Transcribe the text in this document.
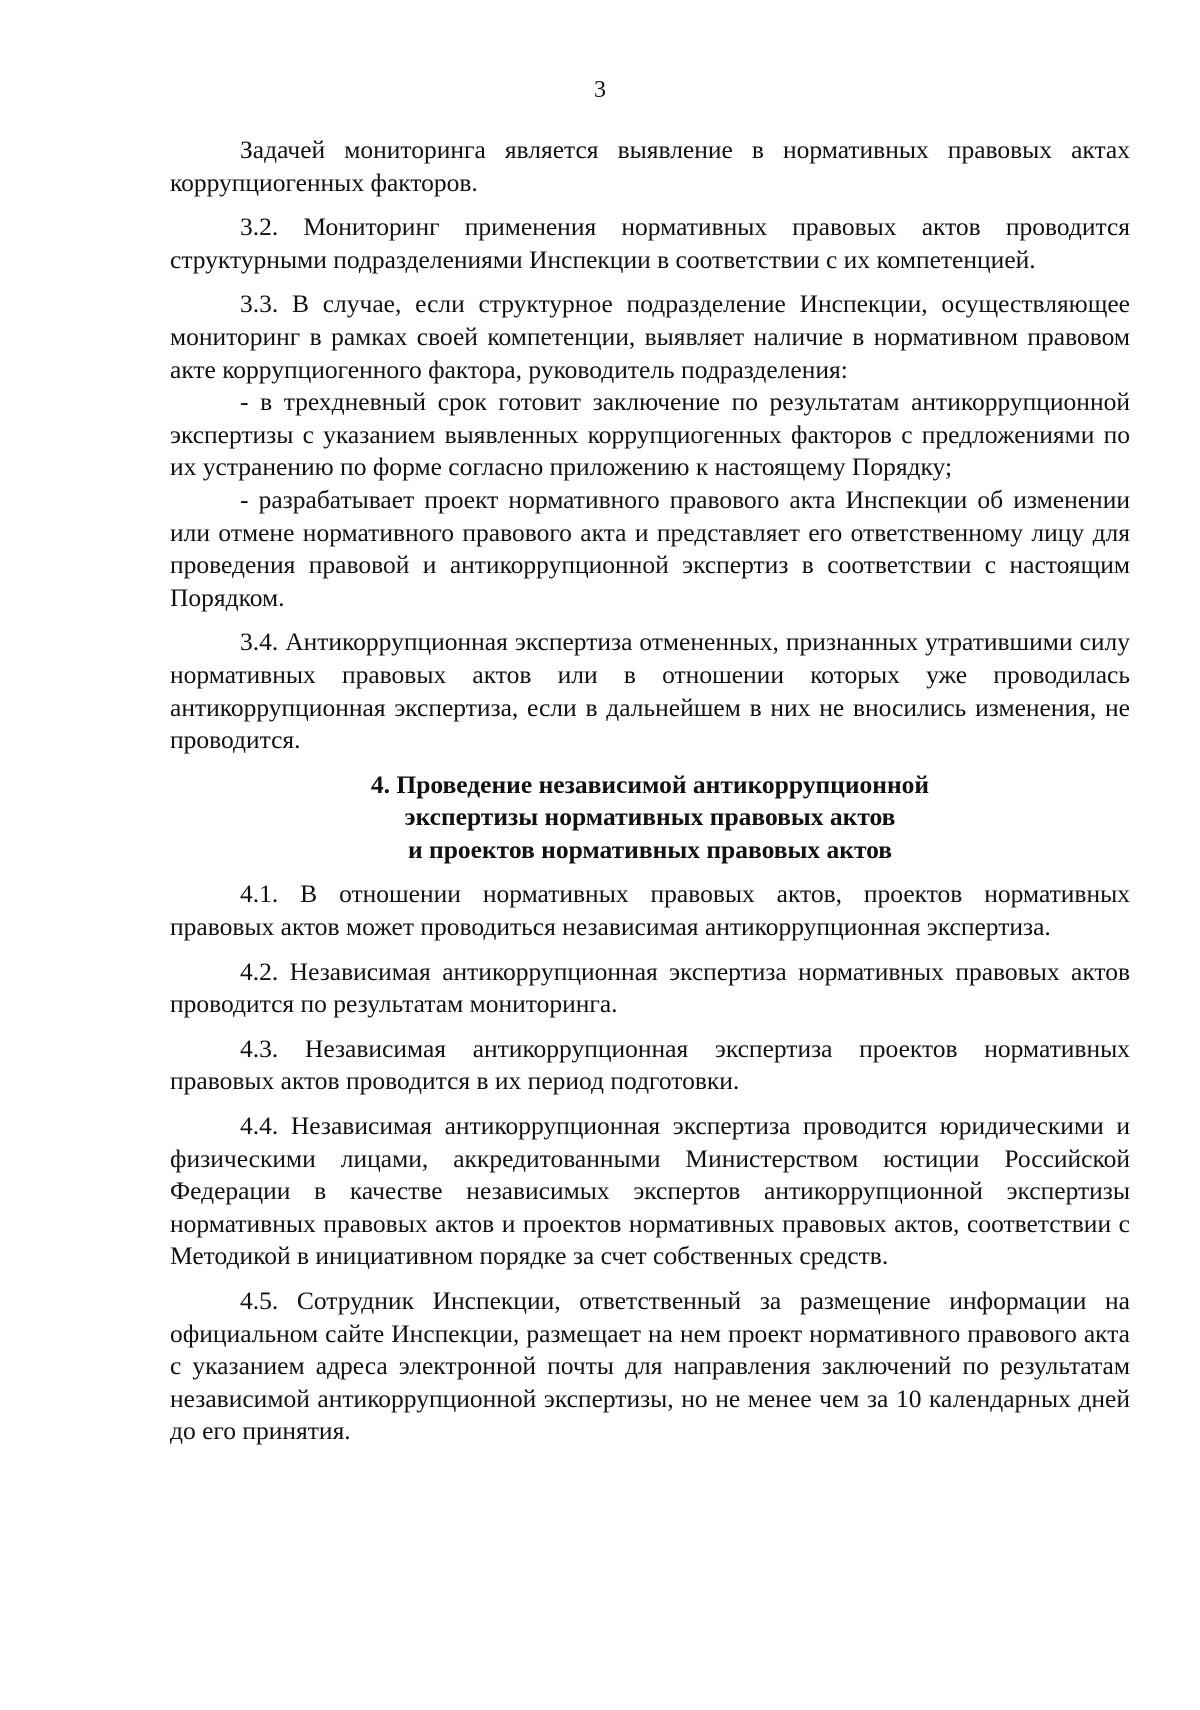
3

Задачей мониторинга является выявление в нормативных правовых актах коррупциогенных факторов.

3.2. Мониторинг применения нормативных правовых актов проводится структурными подразделениями Инспекции в соответствии с их компетенцией.

3.3. В случае, если структурное подразделение Инспекции, осуществляющее мониторинг в рамках своей компетенции, выявляет наличие в нормативном правовом акте коррупциогенного фактора, руководитель подразделения:

- в трехдневный срок готовит заключение по результатам антикоррупционной экспертизы с указанием выявленных коррупциогенных факторов с предложениями по их устранению по форме согласно приложению к настоящему Порядку;

- разрабатывает проект нормативного правового акта Инспекции об изменении или отмене нормативного правового акта и представляет его ответственному лицу для проведения правовой и антикоррупционной экспертиз в соответствии с настоящим Порядком.

3.4. Антикоррупционная экспертиза отмененных, признанных утратившими силу нормативных правовых актов или в отношении которых уже проводилась антикоррупционная экспертиза, если в дальнейшем в них не вносились изменения, не проводится.

4. Проведение независимой антикоррупционной
экспертизы нормативных правовых актов
и проектов нормативных правовых актов

4.1. В отношении нормативных правовых актов, проектов нормативных правовых актов может проводиться независимая антикоррупционная экспертиза.

4.2. Независимая антикоррупционная экспертиза нормативных правовых актов проводится по результатам мониторинга.

4.3. Независимая антикоррупционная экспертиза проектов нормативных правовых актов проводится в их период подготовки.

4.4. Независимая антикоррупционная экспертиза проводится юридическими и физическими лицами, аккредитованными Министерством юстиции Российской Федерации в качестве независимых экспертов антикоррупционной экспертизы нормативных правовых актов и проектов нормативных правовых актов, соответствии с Методикой в инициативном порядке за счет собственных средств.

4.5. Сотрудник Инспекции, ответственный за размещение информации на официальном сайте Инспекции, размещает на нем проект нормативного правового акта с указанием адреса электронной почты для направления заключений по результатам независимой антикоррупционной экспертизы, но не менее чем за 10 календарных дней до его принятия.
